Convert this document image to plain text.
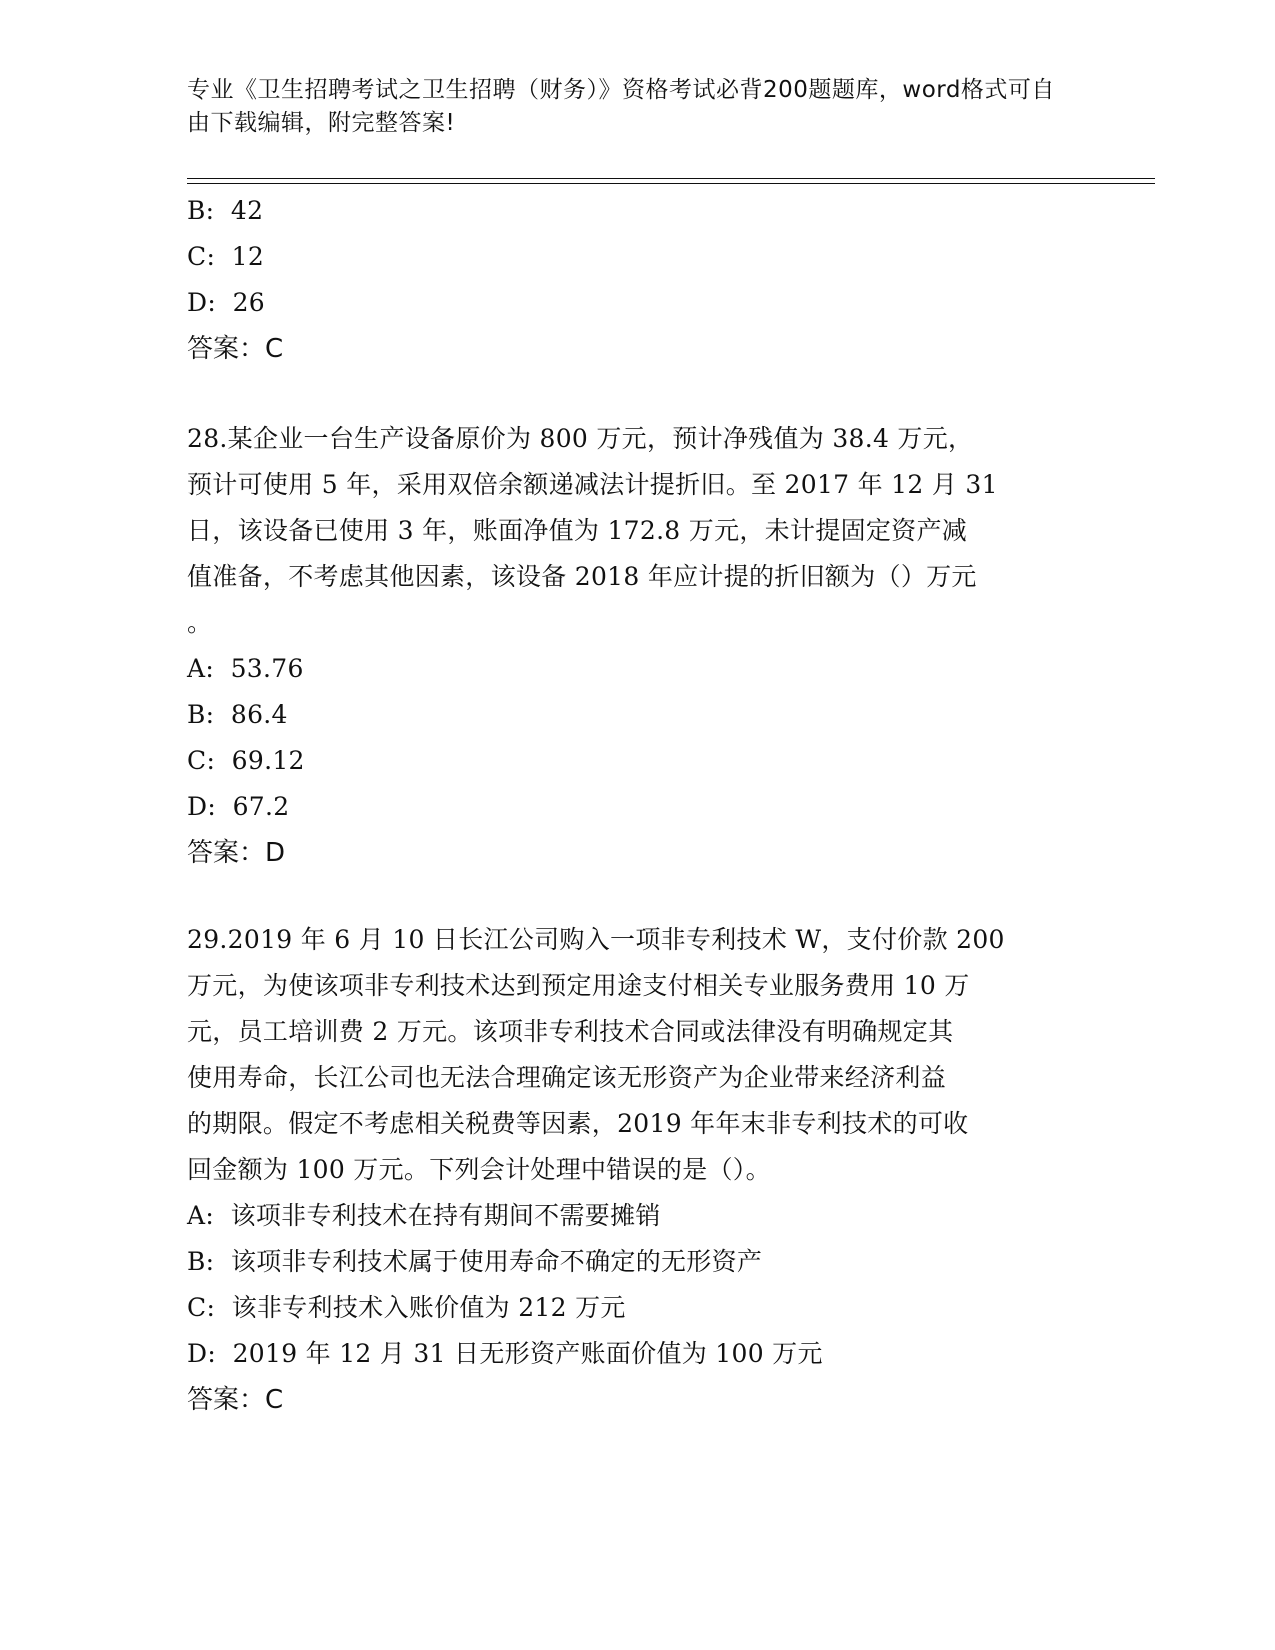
专业《卫生招聘考试之卫生招聘（财务）》资格考试必背200题题库，word格式可自由下载编辑，附完整答案!
B:  42
C:  12
D:  26
答案：C
28.某企业一台生产设备原价为 800 万元，预计净残值为 38.4 万元，
预计可使用 5 年，采用双倍余额递减法计提折旧。至 2017 年 12 月 31
日，该设备已使用 3 年，账面净值为 172.8 万元，未计提固定资产减
值准备，不考虑其他因素，该设备 2018 年应计提的折旧额为（）万元
。
A:  53.76
B:  86.4
C:  69.12
D:  67.2
答案：D
29.2019 年 6 月 10 日长江公司购入一项非专利技术 W，支付价款 200
万元，为使该项非专利技术达到预定用途支付相关专业服务费用 10 万
元，员工培训费 2 万元。该项非专利技术合同或法律没有明确规定其
使用寿命，长江公司也无法合理确定该无形资产为企业带来经济利益
的期限。假定不考虑相关税费等因素，2019 年年末非专利技术的可收
回金额为 100 万元。下列会计处理中错误的是（）。
A:  该项非专利技术在持有期间不需要摊销
B:  该项非专利技术属于使用寿命不确定的无形资产
C:  该非专利技术入账价值为 212 万元
D:  2019 年 12 月 31 日无形资产账面价值为 100 万元
答案：C
